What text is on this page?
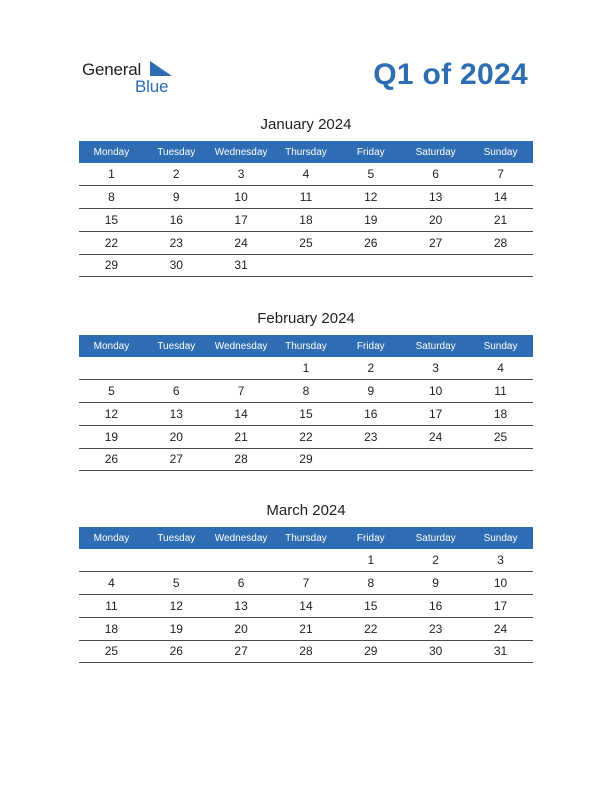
General
Blue	Q1 of 2024
January 2024
Monday	Tuesday	Wednesday	Thursday	Friday	Saturday	Sunday
1	2	3	4	5	6	7
8	9	10	11	12	13	14
15	16	17	18	19	20	21
22	23	24	25	26	27	28
29	30	31				
February 2024
Monday	Tuesday	Wednesday	Thursday	Friday	Saturday	Sunday
			1	2	3	4
5	6	7	8	9	10	11
12	13	14	15	16	17	18
19	20	21	22	23	24	25
26	27	28	29			
March 2024
Monday	Tuesday	Wednesday	Thursday	Friday	Saturday	Sunday
				1	2	3
4	5	6	7	8	9	10
11	12	13	14	15	16	17
18	19	20	21	22	23	24
25	26	27	28	29	30	31
